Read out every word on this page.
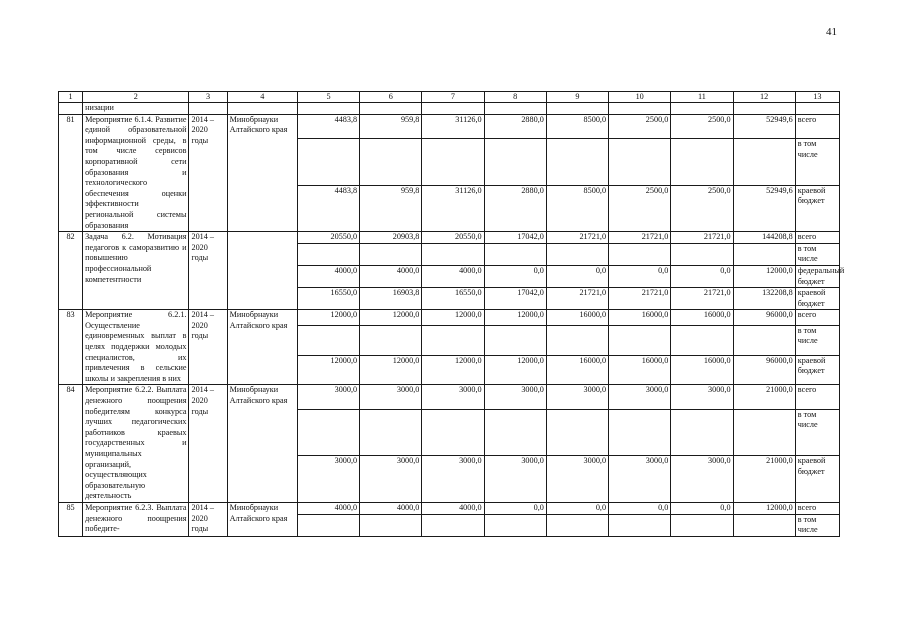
41
1	2	3	4	5	6	7	8	9	10	11	12	13
	низации											
81	Мероприятие 6.1.4. Развитие единой образовательной информационной среды, в том числе сервисов корпоративной сети образования и технологического обеспечения оценки эффективности региональной системы образования	2014 – 2020 годы	Минобрнауки Алтайского края	4483,8	959,8	31126,0	2880,0	8500,0	2500,0	2500,0	52949,6	всего
												в том числе
				4483,8	959,8	31126,0	2880,0	8500,0	2500,0	2500,0	52949,6	краевой бюджет
82	Задача 6.2. Мотивация педагогов к саморазвитию и повышению профессиональной компетентности	2014 – 2020 годы		20550,0	20903,8	20550,0	17042,0	21721,0	21721,0	21721,0	144208,8	всего
												в том числе
				4000,0	4000,0	4000,0	0,0	0,0	0,0	0,0	12000,0	федеральный бюджет
				16550,0	16903,8	16550,0	17042,0	21721,0	21721,0	21721,0	132208,8	краевой бюджет
83	Мероприятие 6.2.1. Осуществление единовременных выплат в целях поддержки молодых специалистов, их привлечения в сельские школы и закрепления в них	2014 – 2020 годы	Минобрнауки Алтайского края	12000,0	12000,0	12000,0	12000,0	16000,0	16000,0	16000,0	96000,0	всего
												в том числе
				12000,0	12000,0	12000,0	12000,0	16000,0	16000,0	16000,0	96000,0	краевой бюджет
84	Мероприятие 6.2.2. Выплата денежного поощрения победителям конкурса лучших педагогических работников краевых государственных и муниципальных организаций, осуществляющих образовательную деятельность	2014 – 2020 годы	Минобрнауки Алтайского края	3000,0	3000,0	3000,0	3000,0	3000,0	3000,0	3000,0	21000,0	всего
												в том числе
				3000,0	3000,0	3000,0	3000,0	3000,0	3000,0	3000,0	21000,0	краевой бюджет
85	Мероприятие 6.2.3. Выплата денежного поощрения победите-	2014 – 2020 годы	Минобрнауки Алтайского края	4000,0	4000,0	4000,0	0,0	0,0	0,0	0,0	12000,0	всего
												в том числе
